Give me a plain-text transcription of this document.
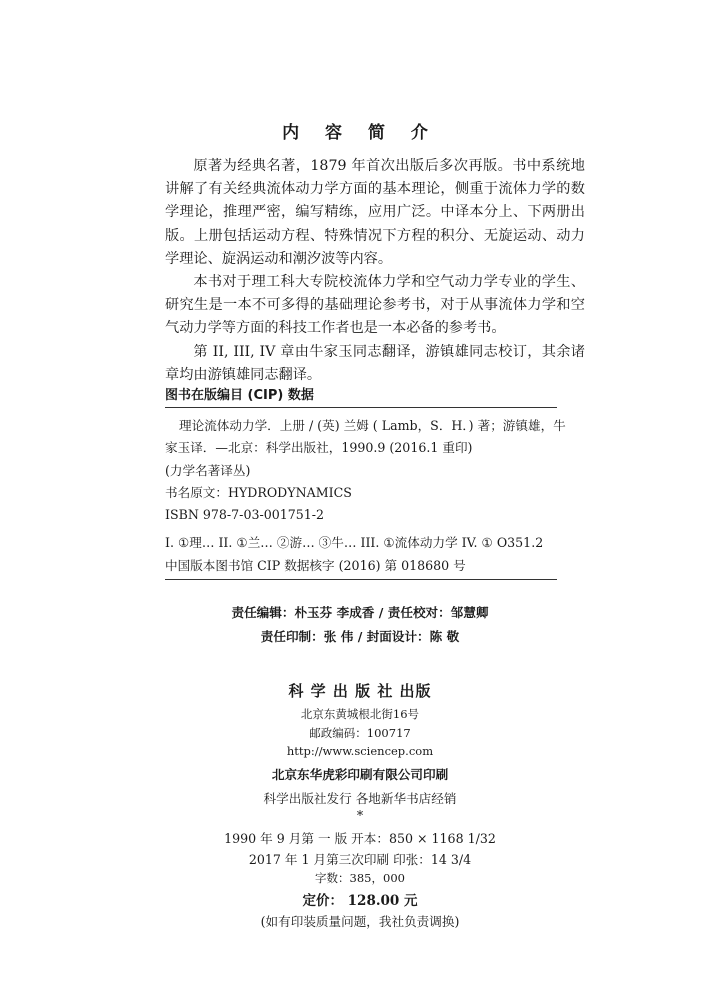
内 容 简 介

原著为经典名著，1879 年首次出版后多次再版。书中系统地讲解了有关经典流体动力学方面的基本理论，侧重于流体力学的数学理论，推理严密，编写精练，应用广泛。中译本分上、下两册出版。上册包括运动方程、特殊情况下方程的积分、无旋运动、动力学理论、旋涡运动和潮汐波等内容。

本书对于理工科大专院校流体力学和空气动力学专业的学生、研究生是一本不可多得的基础理论参考书，对于从事流体力学和空气动力学等方面的科技工作者也是一本必备的参考书。

第 II, III, IV 章由牛家玉同志翻译，游镇雄同志校订，其余诸章均由游镇雄同志翻译。

图书在版编目 (CIP) 数据
理论流体动力学．上册 / (英) 兰姆 ( Lamb，S．H．) 著；游镇雄，牛
家玉译．—北京：科学出版社，1990.9 (2016.1 重印)
(力学名著译丛)
书名原文：HYDRODYNAMICS
ISBN 978-7-03-001751-2
I. ①理… II. ①兰… ②游… ③牛… III. ①流体动力学 IV. ① O351.2
中国版本图书馆 CIP 数据核字 (2016) 第 018680 号
责任编辑：朴玉芬 李成香 / 责任校对：邹慧卿
责任印制：张 伟 / 封面设计：陈 敬
科 学 出 版 社 出版
北京东黄城根北街16号
邮政编码：100717
http://www.sciencep.com
北京东华虎彩印刷有限公司印刷
科学出版社发行 各地新华书店经销
*
1990 年 9 月第 一 版 开本：850 × 1168 1/32
2017 年 1 月第三次印刷 印张：14 3/4
字数：385，000
定价： 128.00 元
(如有印装质量问题，我社负责调换)
